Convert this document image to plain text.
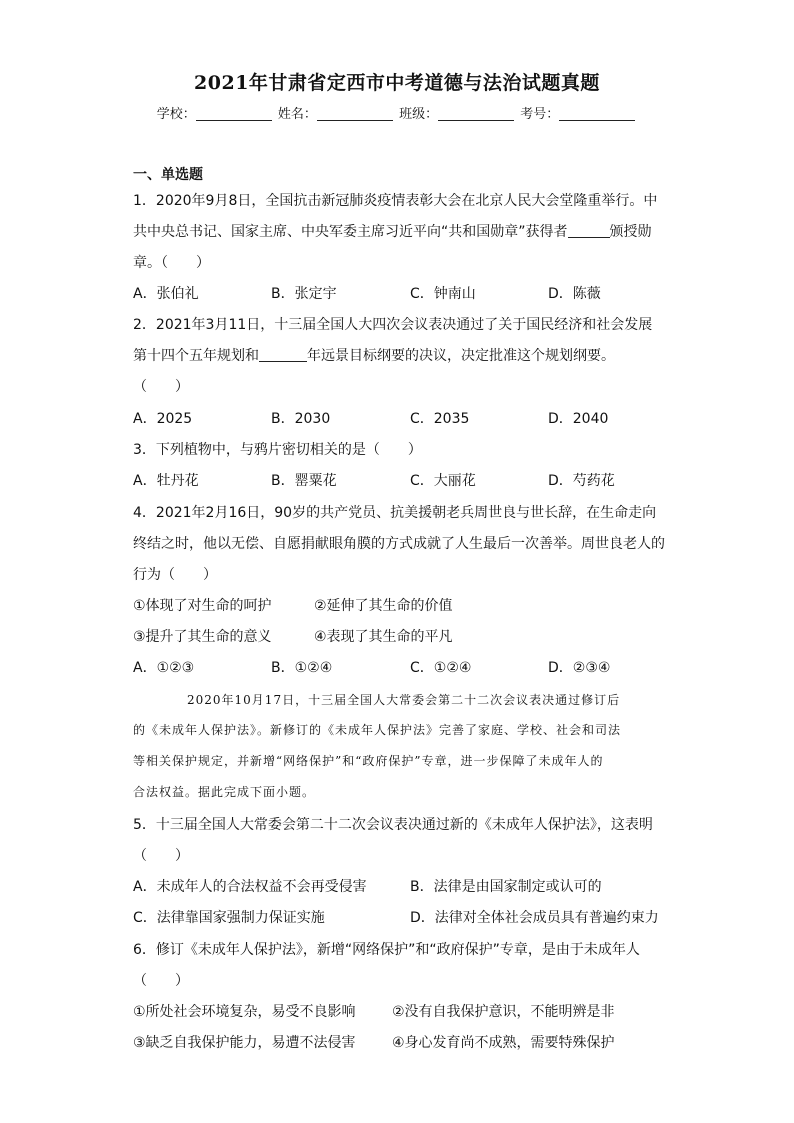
2021年甘肃省定西市中考道德与法治试题真题
学校：	姓名：	班级：	考号：
一、单选题
1．2020年9月8日，全国抗击新冠肺炎疫情表彰大会在北京人民大会堂隆重举行。中
共中央总书记、国家主席、中央军委主席习近平向“共和国勋章”获得者	颁授勋
章。（　　）
A．张伯礼	B．张定宇	C．钟南山	D．陈薇
2．2021年3月11日，十三届全国人大四次会议表决通过了关于国民经济和社会发展
第十四个五年规划和	年远景目标纲要的决议，决定批准这个规划纲要。
（　　）
A．2025	B．2030	C．2035	D．2040
3．下列植物中，与鸦片密切相关的是（　　）
A．牡丹花	B．罂粟花	C．大丽花	D．芍药花
4．2021年2月16日，90岁的共产党员、抗美援朝老兵周世良与世长辞，在生命走向
终结之时，他以无偿、自愿捐献眼角膜的方式成就了人生最后一次善举。周世良老人的
行为（　　）
①体现了对生命的呵护	②延伸了其生命的价值
③提升了其生命的意义	④表现了其生命的平凡
A．①②③	B．①②④	C．①②④	D．②③④
2020年10月17日，十三届全国人大常委会第二十二次会议表决通过修订后
的《未成年人保护法》。新修订的《未成年人保护法》完善了家庭、学校、社会和司法
等相关保护规定，并新增“网络保护”和“政府保护”专章，进一步保障了未成年人的
合法权益。据此完成下面小题。
5．十三届全国人大常委会第二十二次会议表决通过新的《未成年人保护法》，这表明
（　　）
A．未成年人的合法权益不会再受侵害	B．法律是由国家制定或认可的
C．法律靠国家强制力保证实施	D．法律对全体社会成员具有普遍约束力
6．修订《未成年人保护法》，新增“网络保护”和“政府保护”专章，是由于未成年人
（　　）
①所处社会环境复杂，易受不良影响	②没有自我保护意识，不能明辨是非
③缺乏自我保护能力，易遭不法侵害	④身心发育尚不成熟，需要特殊保护
